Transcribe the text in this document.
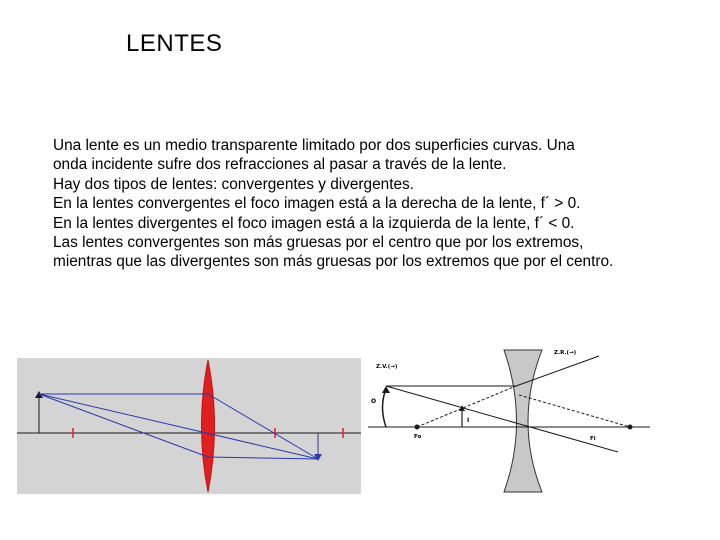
LENTES
Una lente es un medio transparente limitado por dos superficies curvas. Una
onda incidente sufre dos refracciones al pasar a través de la lente.
Hay dos tipos de lentes: convergentes y divergentes.
En la lentes convergentes el foco imagen está a la derecha de la lente, f´ > 0.
En la lentes divergentes el foco imagen está a la izquierda de la lente, f´ < 0.
Las lentes convergentes son más gruesas por el centro que por los extremos,
mientras que las divergentes son más gruesas por los extremos que por el centro.
Z.V.(→)
Z.R.(→)
O
I
Fo	Fi
